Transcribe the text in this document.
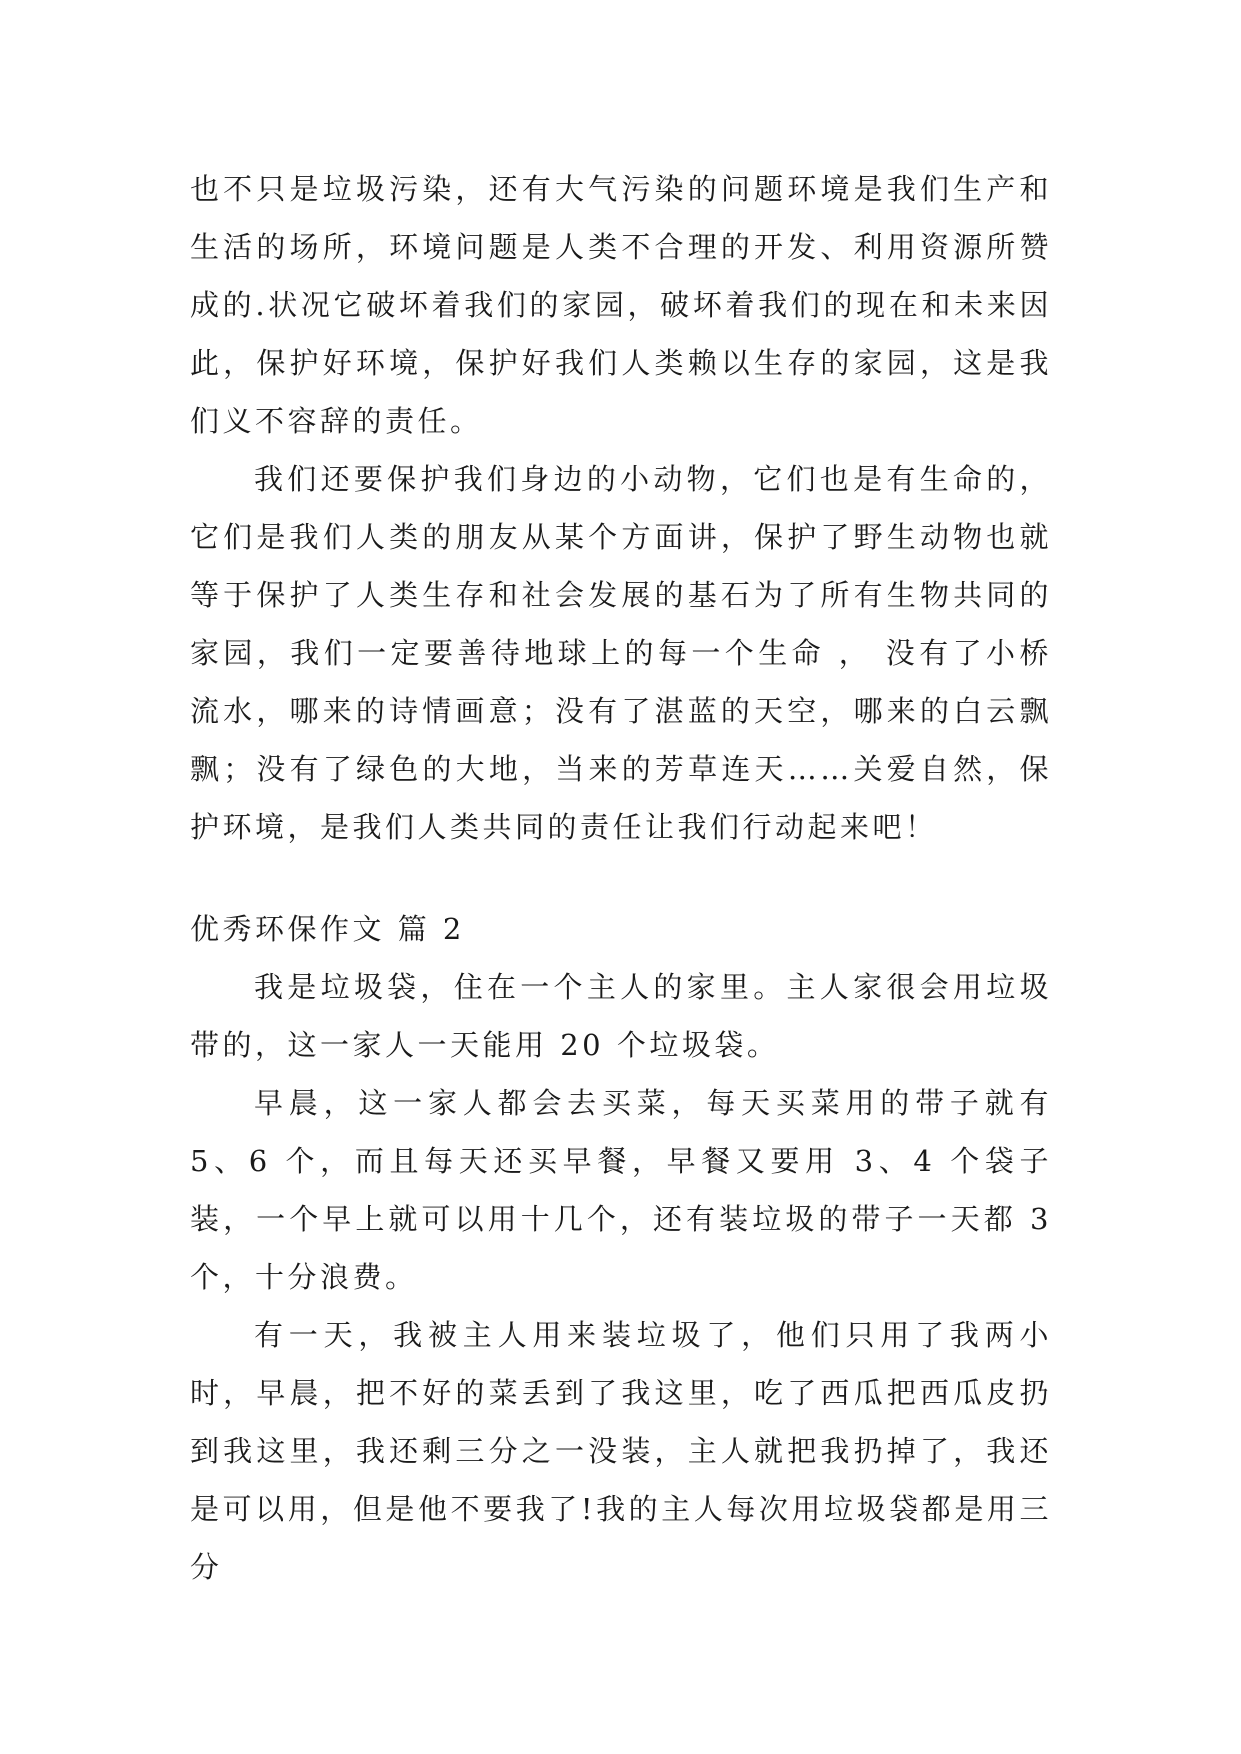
也不只是垃圾污染，还有大气污染的问题环境是我们生产和生活的场所，环境问题是人类不合理的开发、利用资源所赞成的.状况它破坏着我们的家园，破坏着我们的现在和未来因此，保护好环境，保护好我们人类赖以生存的家园，这是我们义不容辞的责任。

我们还要保护我们身边的小动物，它们也是有生命的，它们是我们人类的朋友从某个方面讲，保护了野生动物也就等于保护了人类生存和社会发展的基石为了所有生物共同的家园，我们一定要善待地球上的每一个生命 ， 没有了小桥流水，哪来的诗情画意；没有了湛蓝的天空，哪来的白云飘飘；没有了绿色的大地，当来的芳草连天……关爱自然，保护环境，是我们人类共同的责任让我们行动起来吧！

优秀环保作文 篇 2

我是垃圾袋，住在一个主人的家里。主人家很会用垃圾带的，这一家人一天能用 20 个垃圾袋。

早晨，这一家人都会去买菜，每天买菜用的带子就有 5、6 个，而且每天还买早餐，早餐又要用 3、4 个袋子装，一个早上就可以用十几个，还有装垃圾的带子一天都 3 个，十分浪费。

有一天，我被主人用来装垃圾了，他们只用了我两小时，早晨，把不好的菜丢到了我这里，吃了西瓜把西瓜皮扔到我这里，我还剩三分之一没装，主人就把我扔掉了，我还是可以用，但是他不要我了!我的主人每次用垃圾袋都是用三分
